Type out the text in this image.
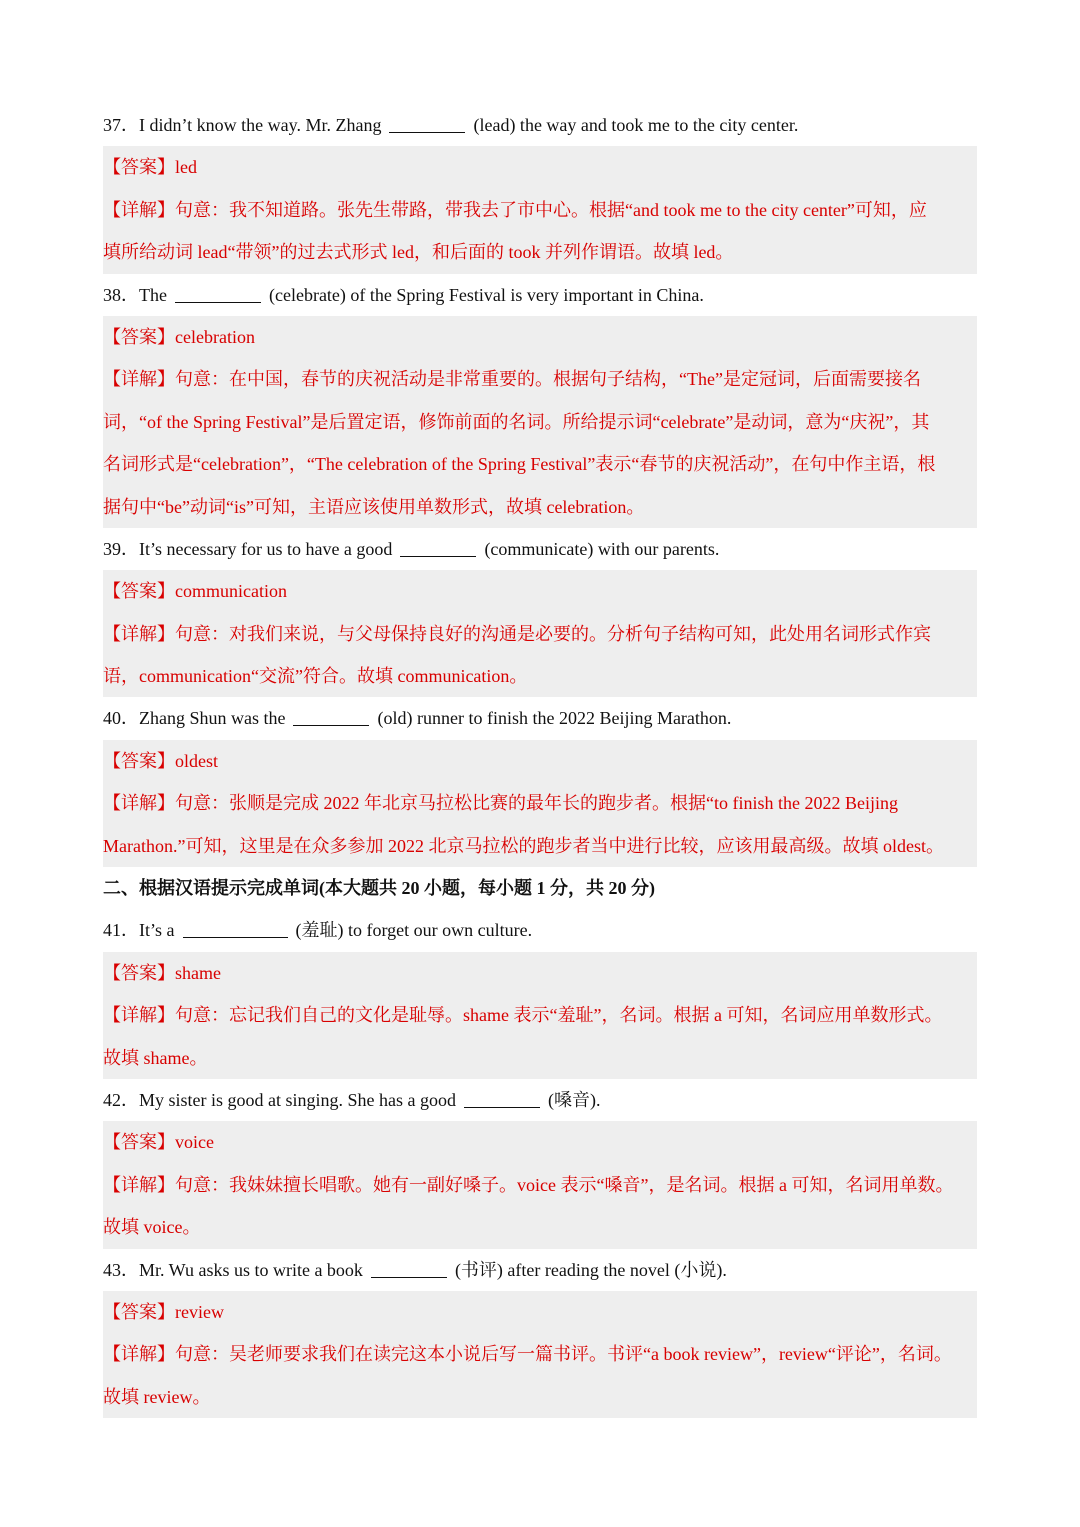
37．I didn’t know the way. Mr. Zhang	(lead) the way and took me to the city center.
【答案】led
【详解】句意：我不知道路。张先生带路，带我去了市中心。根据“and took me to the city center”可知，应
填所给动词 lead“带领”的过去式形式 led，和后面的 took 并列作谓语。故填 led。
38．The	(celebrate) of the Spring Festival is very important in China.
【答案】celebration
【详解】句意：在中国，春节的庆祝活动是非常重要的。根据句子结构，“The”是定冠词，后面需要接名
词，“of the Spring Festival”是后置定语，修饰前面的名词。所给提示词“celebrate”是动词，意为“庆祝”，其
名词形式是“celebration”，“The celebration of the Spring Festival”表示“春节的庆祝活动”，在句中作主语，根
据句中“be”动词“is”可知，主语应该使用单数形式，故填 celebration。
39．It’s necessary for us to have a good	(communicate) with our parents.
【答案】communication
【详解】句意：对我们来说，与父母保持良好的沟通是必要的。分析句子结构可知，此处用名词形式作宾
语，communication“交流”符合。故填 communication。
40．Zhang Shun was the	(old) runner to finish the 2022 Beijing Marathon.
【答案】oldest
【详解】句意：张顺是完成 2022 年北京马拉松比赛的最年长的跑步者。根据“to finish the 2022 Beijing
Marathon.”可知，这里是在众多参加 2022 北京马拉松的跑步者当中进行比较，应该用最高级。故填 oldest。
二、根据汉语提示完成单词(本大题共 20 小题，每小题 1 分，共 20 分)
41．It’s a	(羞耻) to forget our own culture.
【答案】shame
【详解】句意：忘记我们自己的文化是耻辱。shame 表示“羞耻”，名词。根据 a 可知，名词应用单数形式。
故填 shame。
42．My sister is good at singing. She has a good	(嗓音).
【答案】voice
【详解】句意：我妹妹擅长唱歌。她有一副好嗓子。voice 表示“嗓音”，是名词。根据 a 可知，名词用单数。
故填 voice。
43．Mr. Wu asks us to write a book	(书评) after reading the novel (小说).
【答案】review
【详解】句意：吴老师要求我们在读完这本小说后写一篇书评。书评“a book review”，review“评论”，名词。
故填 review。
